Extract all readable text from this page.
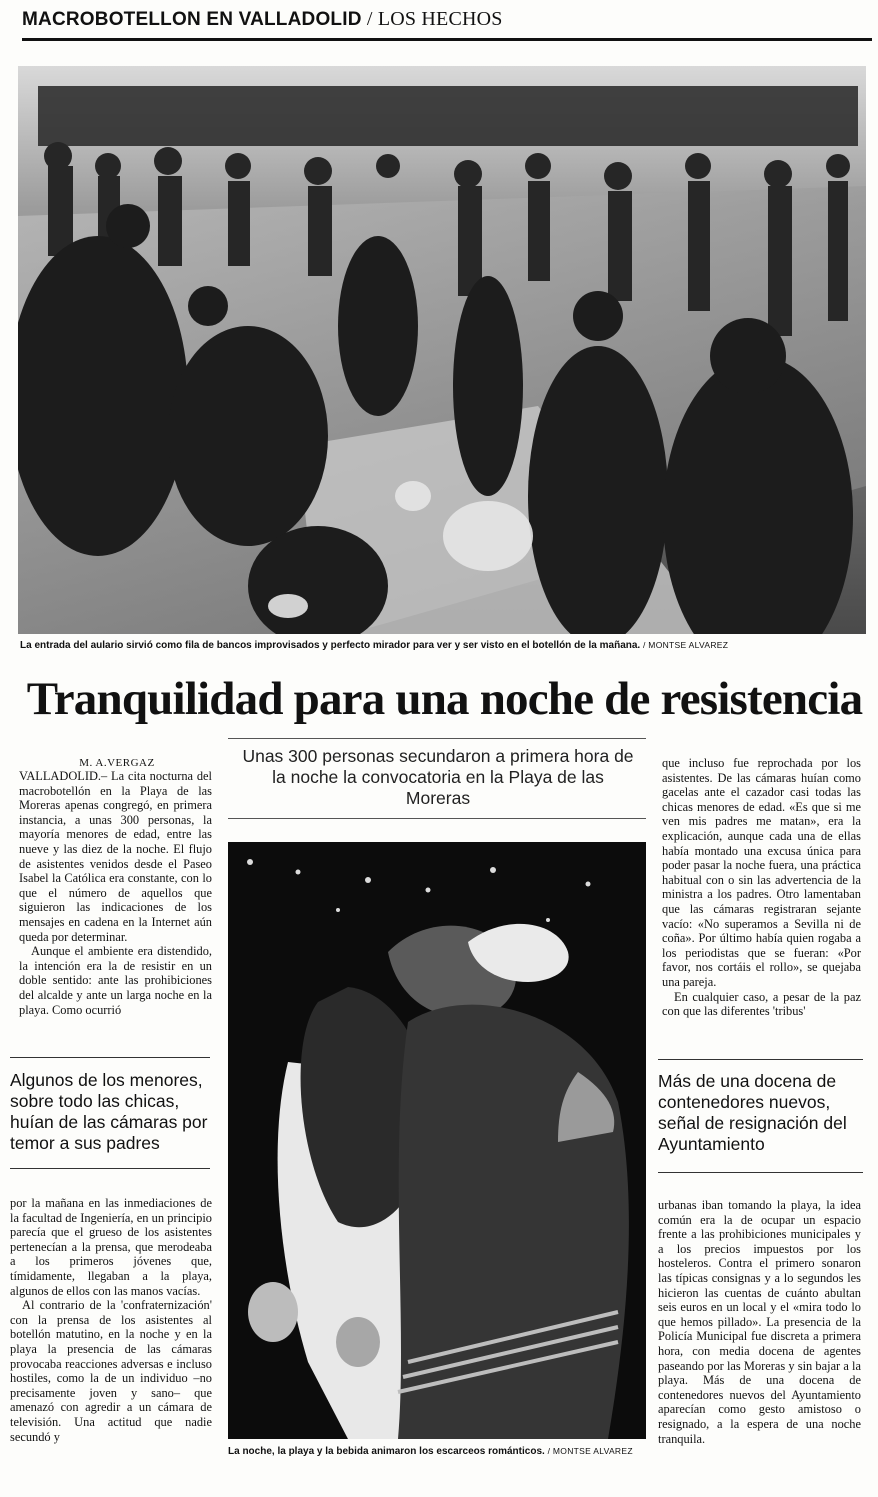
MACROBOTELLON EN VALLADOLID / LOS HECHOS
La entrada del aulario sirvió como fila de bancos improvisados y perfecto mirador para ver y ser visto en el botellón de la mañana. / MONTSE ALVAREZ
Tranquilidad para una noche de resistencia
M. A.VERGAZ

VALLADOLID.– La cita nocturna del macrobotellón en la Playa de las Moreras apenas congregó, en primera instancia, a unas 300 personas, la mayoría menores de edad, entre las nueve y las diez de la noche. El flujo de asistentes venidos desde el Paseo Isabel la Católica era constante, con lo que el número de aquellos que siguieron las indicaciones de los mensajes en cadena en la Internet aún queda por determinar.

Aunque el ambiente era distendido, la intención era la de resistir en un doble sentido: ante las prohibiciones del alcalde y ante un larga noche en la playa. Como ocurrió

Algunos de los menores, sobre todo las chicas, huían de las cámaras por temor a sus padres

por la mañana en las inmediaciones de la facultad de Ingeniería, en un principio parecía que el grueso de los asistentes pertenecían a la prensa, que merodeaba a los primeros jóvenes que, tímidamente, llegaban a la playa, algunos de ellos con las manos vacías.

Al contrario de la 'confraternización' con la prensa de los asistentes al botellón matutino, en la noche y en la playa la presencia de las cámaras provocaba reacciones adversas e incluso hostiles, como la de un individuo –no precisamente joven y sano– que amenazó con agredir a un cámara de televisión. Una actitud que nadie secundó y

Unas 300 personas secundaron a primera hora de la noche la convocatoria en la Playa de las Moreras
La noche, la playa y la bebida animaron los escarceos románticos. / MONTSE ALVAREZ

que incluso fue reprochada por los asistentes. De las cámaras huían como gacelas ante el cazador casi todas las chicas menores de edad. «Es que si me ven mis padres me matan», era la explicación, aunque cada una de ellas había montado una excusa única para poder pasar la noche fuera, una práctica habitual con o sin las advertencia de la ministra a los padres. Otro lamentaban que las cámaras registraran sejante vacío: «No superamos a Sevilla ni de coña». Por último había quien rogaba a los periodistas que se fueran: «Por favor, nos cortáis el rollo», se quejaba una pareja.

En cualquier caso, a pesar de la paz con que las diferentes 'tribus'

Más de una docena de contenedores nuevos, señal de resignación del Ayuntamiento

urbanas iban tomando la playa, la idea común era la de ocupar un espacio frente a las prohibiciones municipales y a los precios impuestos por los hosteleros. Contra el primero sonaron las típicas consignas y a lo segundos les hicieron las cuentas de cuánto abultan seis euros en un local y el «mira todo lo que hemos pillado». La presencia de la Policía Municipal fue discreta a primera hora, con media docena de agentes paseando por las Moreras y sin bajar a la playa. Más de una docena de contenedores nuevos del Ayuntamiento aparecían como gesto amistoso o resignado, a la espera de una noche tranquila.
